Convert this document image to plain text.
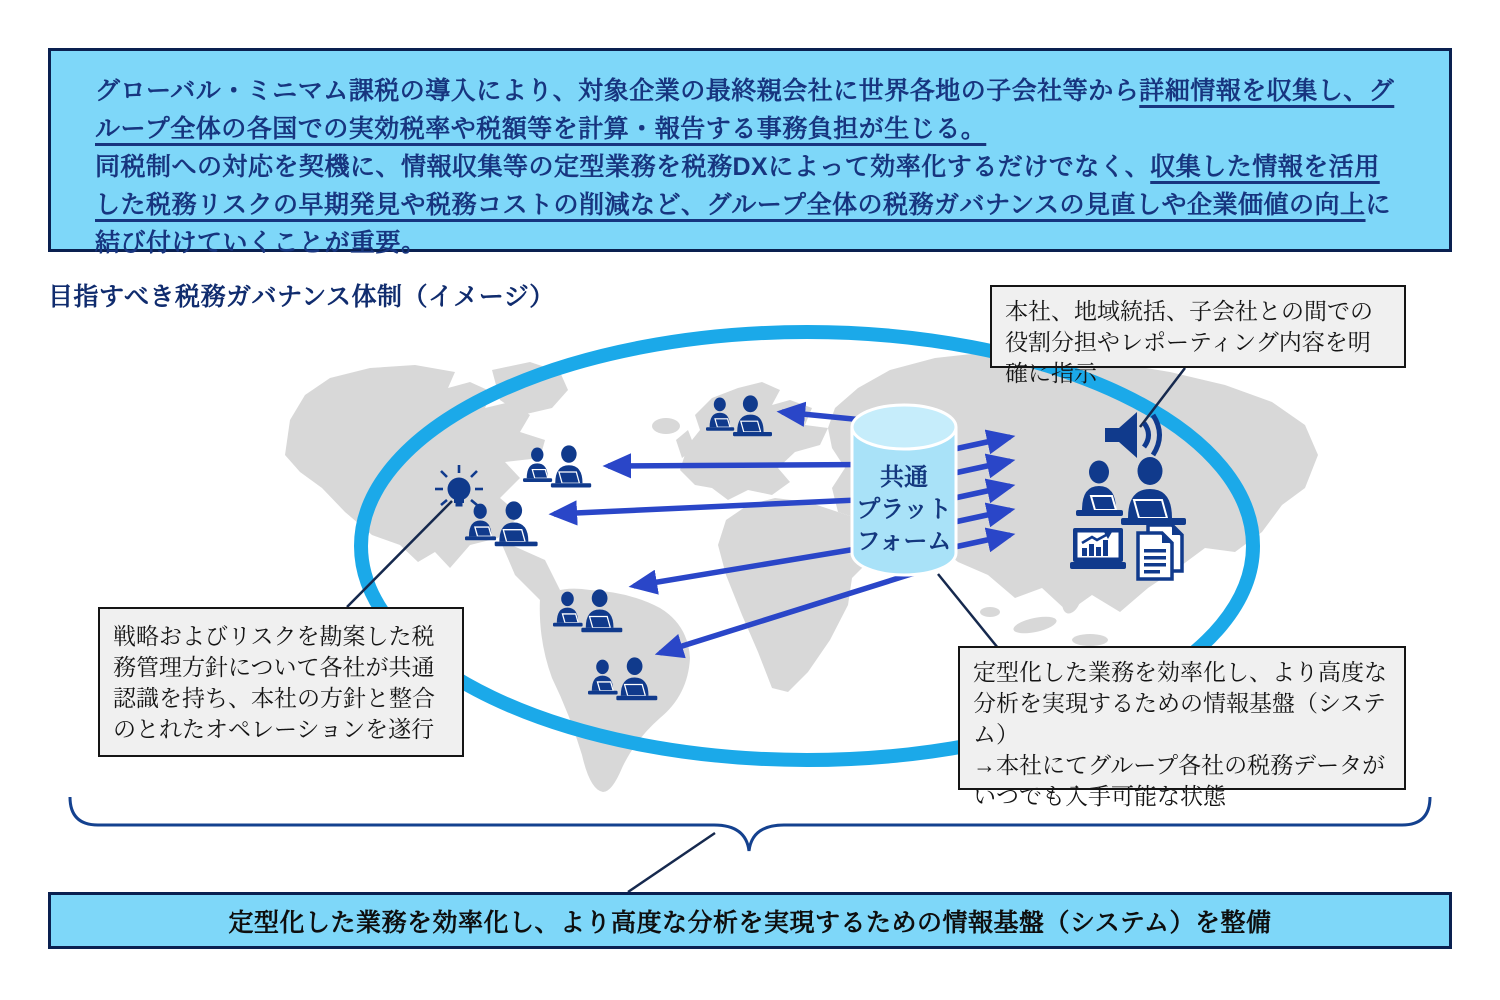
グローバル・ミニマム課税の導入により、対象企業の最終親会社に世界各地の子会社等から詳細情報を収集し、グループ全体の各国での実効税率や税額等を計算・報告する事務負担が生じる。

同税制への対応を契機に、情報収集等の定型業務を税務DXによって効率化するだけでなく、収集した情報を活用した税務リスクの早期発見や税務コストの削減など、グループ全体の税務ガバナンスの見直しや企業価値の向上に結び付けていくことが重要。

目指すべき税務ガバナンス体制（イメージ）	本社、地域統括、子会社との間での役割分担やレポーティング内容を明確に指示
戦略およびリスクを勘案した税務管理方針について各社が共通認識を持ち、本社の方針と整合のとれたオペレーションを遂行
定型化した業務を効率化し、より高度な分析を実現するための情報基盤（システム）
→本社にてグループ各社の税務データがいつでも入手可能な状態
共通
プラット
フォーム
定型化した業務を効率化し、より高度な分析を実現するための情報基盤（システム）を整備
